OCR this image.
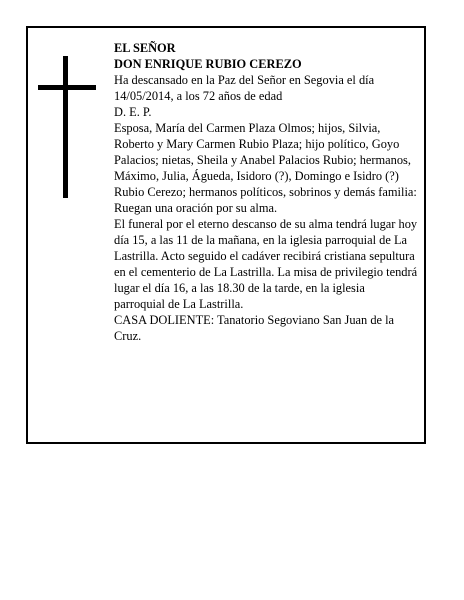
EL SEÑOR

DON ENRIQUE RUBIO CEREZO

Ha descansado en la Paz del Señor en Segovia el día 14/05/2014, a los 72 años de edad

D. E. P.

Esposa, María del Carmen Plaza Olmos; hijos, Silvia, Roberto y Mary Carmen Rubio Plaza; hijo político, Goyo Palacios; nietas, Sheila y Anabel Palacios Rubio; hermanos, Máximo, Julia, Águeda, Isidoro (?), Domingo e Isidro (?) Rubio Cerezo; hermanos políticos, sobrinos y demás familia:

Ruegan una oración por su alma.

El funeral por el eterno descanso de su alma tendrá lugar hoy día 15, a las 11 de la mañana, en la iglesia parroquial de La Lastrilla. Acto seguido el cadáver recibirá cristiana sepultura en el cementerio de La Lastrilla. La misa de privilegio tendrá lugar el día 16, a las 18.30 de la tarde, en la iglesia parroquial de La Lastrilla.

CASA DOLIENTE: Tanatorio Segoviano San Juan de la Cruz.
